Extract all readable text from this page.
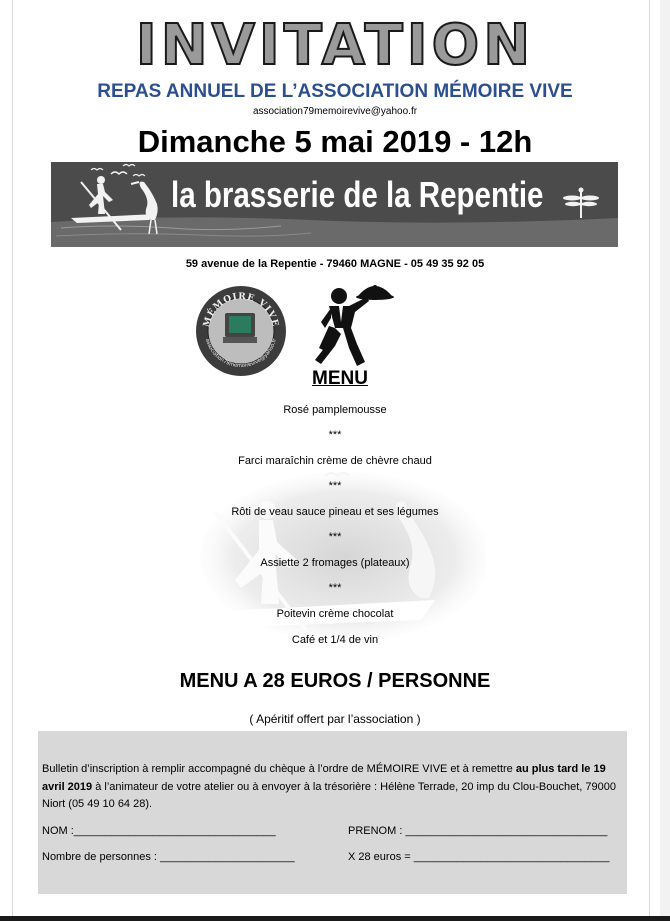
INVITATION
REPAS ANNUEL DE L’ASSOCIATION MÉMOIRE VIVE
association79memoirevive@yahoo.fr
Dimanche 5 mai 2019 - 12h
la brasserie de la Repentie
59 avenue de la Repentie - 79460 MAGNE - 05 49 35 92 05
MÉMOIRE VIVE
association79memoirevive@yahoo.fr
MENU
Rosé pamplemousse
***
Farci maraîchin crème de chèvre chaud
***
Rôti de veau sauce pineau et ses légumes
***
Assiette 2 fromages (plateaux)
***
Poitevin crème chocolat
Café et 1/4 de vin
MENU A 28 EUROS / PERSONNE
( Apéritif offert par l’association )
Bulletin d’inscription à remplir accompagné du chèque à l’ordre de MÉMOIRE VIVE et à remettre au plus tard le 19 avril 2019 à l’animateur de votre atelier ou à envoyer à la trésorière : Hélène Terrade, 20 imp du Clou-Bouchet, 79000 Niort (05 49 10 64 28).
NOM :_________________________________	PRENOM : _________________________________
Nombre de personnes : ______________________	X 28 euros = ________________________________
